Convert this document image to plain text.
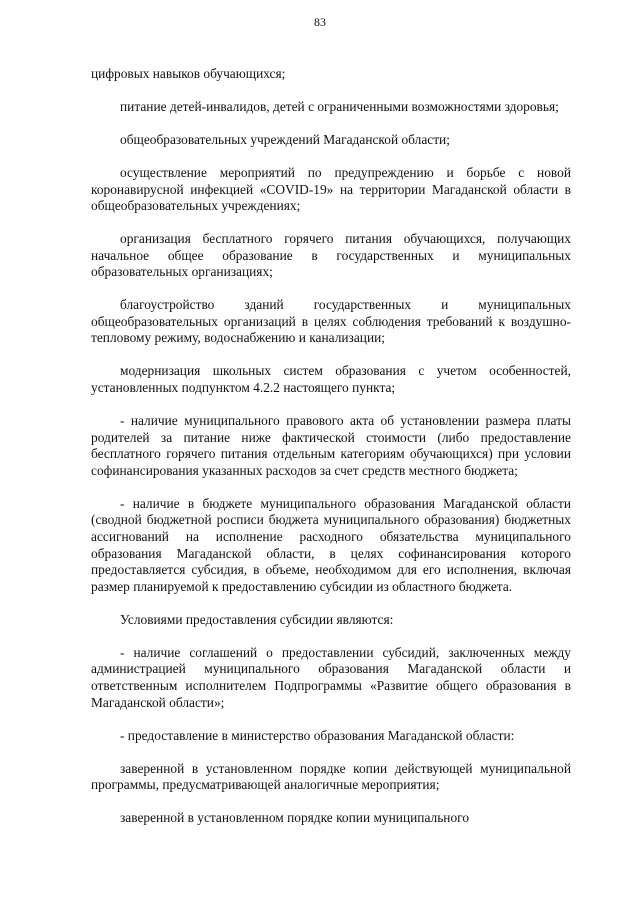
83

цифровых навыков обучающихся;

питание детей-инвалидов, детей с ограниченными возможностями здоровья;

общеобразовательных учреждений Магаданской области;

осуществление мероприятий по предупреждению и борьбе с новой коронавирусной инфекцией «COVID-19» на территории Магаданской области в общеобразовательных учреждениях;

организация бесплатного горячего питания обучающихся, получающих начальное общее образование в государственных и муниципальных образовательных организациях;

благоустройство зданий государственных и муниципальных общеобразовательных организаций в целях соблюдения требований к воздушно-тепловому режиму, водоснабжению и канализации;

модернизация школьных систем образования с учетом особенностей, установленных подпунктом 4.2.2 настоящего пункта;

- наличие муниципального правового акта об установлении размера платы родителей за питание ниже фактической стоимости (либо предоставление бесплатного горячего питания отдельным категориям обучающихся) при условии софинансирования указанных расходов за счет средств местного бюджета;

- наличие в бюджете муниципального образования Магаданской области (сводной бюджетной росписи бюджета муниципального образования) бюджетных ассигнований на исполнение расходного обязательства муниципального образования Магаданской области, в целях софинансирования которого предоставляется субсидия, в объеме, необходимом для его исполнения, включая размер планируемой к предоставлению субсидии из областного бюджета.

Условиями предоставления субсидии являются:

- наличие соглашений о предоставлении субсидий, заключенных между администрацией муниципального образования Магаданской области и ответственным исполнителем Подпрограммы «Развитие общего образования в Магаданской области»;

- предоставление в министерство образования Магаданской области:

заверенной в установленном порядке копии действующей муниципальной программы, предусматривающей аналогичные мероприятия;

заверенной в установленном порядке копии муниципального
